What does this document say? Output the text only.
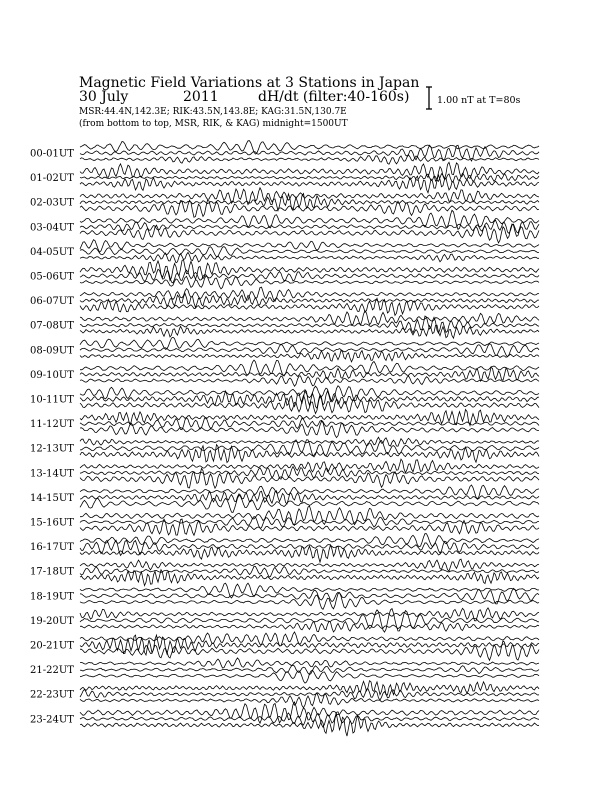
Magnetic Field Variations at 3 Stations in Japan
30 July	2011	dH/dt (filter:40-160s)
MSR:44.4N,142.3E; RIK:43.5N,143.8E; KAG:31.5N,130.7E
(from bottom to top, MSR, RIK, & KAG) midnight=1500UT
1.00 nT at T=80s
00-01UT
01-02UT
02-03UT
03-04UT
04-05UT
05-06UT
06-07UT
07-08UT
08-09UT
09-10UT
10-11UT
11-12UT
12-13UT
13-14UT
14-15UT
15-16UT
16-17UT
17-18UT
18-19UT
19-20UT
20-21UT
21-22UT
22-23UT
23-24UT
